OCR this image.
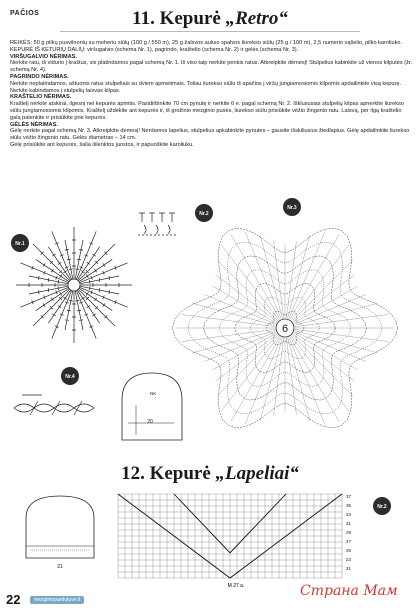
PAČIOS	11. Kepurė „Retro“

REIKĖS: 50 g pilkų pusvilnonių su moheriu siūlų (100 g / 550 m), 25 g žalsvos aukso spalvos liurekso siūlų (25 g / 100 m), 2,5 numerio vąšelio, pilko karoliuko.

KEPURĖ IŠ KETURIŲ DALIŲ: viršugalvio (schema Nr. 1), pagrindo, kraštelio (schema Nr. 2) ir gėlės (schema Nr. 3).

VIRŠUGALVIO NĖRIMAS.

Nerkite ratu, iš vidurio į kraštus, vis platindamos pagal schemą Nr. 1. Iš viso taip nerkite penkis ratus. Atkreipkite dėmesį! Stulpelius kabinkite už vienos kilputės (žr. schemą Nr. 4).

PAGRINDO NĖRIMAS.

Nerkite neplatindamos, aštuonis ratus stulpeliais su dviem apmetimais. Toliau liurekso siūlu iš apačios į viršų jungiamosiomis kilpomis apdailinkite visą kepurę. Nerkite kabindamos į stulpelių laisvas kilpas.

KRAŠTELIO NĖRIMAS.

Kraštelį nerkite atskirai, ilgesnį nei kepurės apimtis. Pasidirbinkite 70 cm pynutę ir nerkite 6 e. pagal schemą Nr. 2. Išklususias stulpelių kilpas apnerkite liurekso siūlu jungiamosiomis kilpomis. Kraštelį uždėkite ant kepurės ir, iš grožinio mezginio pusės, liurekso siūlu prisiūkite vėžio žingsnio ratu. Laisvą, per ilgą kraštelio galą palenkite ir prisiūkite prie kepurės.

GĖLĖS NĖRIMAS.

Gėlę nerkite pagal schemą Nr. 3. Atkreipkite dėmesį! Nerdamos lapelius, stulpelius apkabinkite pynutes – gausite išskiliusius žiedlapius. Gėlę apdailinkite liurekso siūlu vėžio žingsnio ratu. Gėlės diametras – 14 cm.

Gėlę prisiūkite ant kepurės, šalia išlenktos juostos, ir papuoškite karoliuku.

Nr.1
Nr.2
Nr.3
Nr.4
6
NK
20
12. Kepurė „Lapeliai“
21
37
35
33
31
29
27
25
23
21
M 27 a.
Nr.2
22	mezgimopardutuve.lt
Страна Мам
